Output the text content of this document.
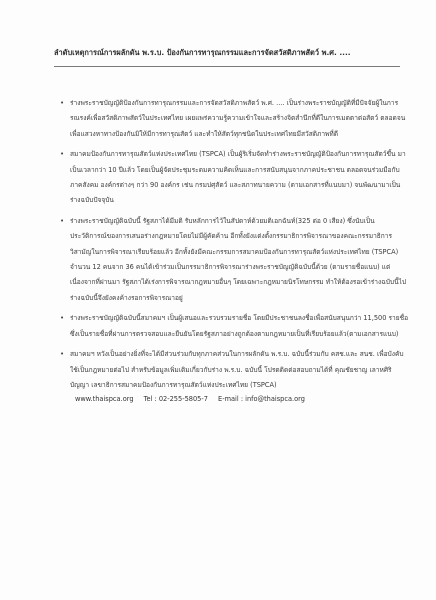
ลำดับเหตุการณ์การผลักดัน พ.ร.บ. ป้องกันการทารุณกรรมและการจัดสวัสดิภาพสัตว์ พ.ศ. ....
• ร่างพระราชบัญญัติป้องกันการทารุณกรรมและการจัดสวัสดิภาพสัตว์ พ.ศ. .... เป็นร่างพระราชบัญญัติที่มีปัจจัยผู้ในการรณรงค์เพื่อสวัสดิภาพสัตว์ในประเทศไทย เผยแพร่ความรู้ความเข้าใจและสร้างจิตสำนึกที่ดีในการเมตตาต่อสัตว์ ตลอดจนเพื่อแสวงหาทางป้องกันมิให้มีการทารุณสัตว์ และทำให้สัตว์ทุกชนิดในประเทศไทยมีสวัสดิภาพที่ดี
• สมาคมป้องกันการทารุณสัตว์แห่งประเทศไทย (TSPCA) เป็นผู้ริเริ่มจัดทำร่างพระราชบัญญัติป้องกันการทารุณสัตว์ขึ้น มาเป็นเวลากว่า 10 ปีแล้ว โดยเป็นผู้จัดประชุมระดมความคิดเห็นและการสนับสนุนจากภาคประชาชน ตลอดจนร่วมมือกับภาคสังคม องค์กรต่างๆ กว่า 90 องค์กร เช่น กรมปศุสัตว์ และสภาทนายความ (ตามเอกสารที่แนบมา) จนพัฒนามาเป็นร่างฉบับปัจจุบัน
• ร่างพระราชบัญญัติฉบับนี้ รัฐสภาได้มีมติ รับหลักการไว้ในสัปดาห์ด้วยมติเอกฉันท์(325 ต่อ 0 เสียง) ซึ่งนับเป็นประวัติการณ์ของการเสนอร่างกฎหมายโดยไม่มีผู้คัดค้าน อีกทั้งยังแต่งตั้งกรรมาธิการพิจารณาของคณะกรรมาธิการวิสามัญในการพิจารณาเรียบร้อยแล้ว อีกทั้งยังมีคณะกรรมการสมาคมป้องกันการทารุณสัตว์แห่งประเทศไทย (TSPCA) จำนวน 12 คนจาก 36 คนได้เข้าร่วมเป็นกรรมาธิการพิจารณาร่างพระราชบัญญัติฉบับนี้ด้วย (ตามรายชื่อแนบ) แต่เนื่องจากที่ผ่านมา รัฐสภาได้เร่งการพิจารณากฎหมายอื่นๆ โดยเฉพาะกฎหมายนิรโทษกรรม ทำให้ต้องรอเข้าร่างฉบับนี้ไป ร่างฉบับนี้จึงยังคงค้างรอการพิจารณาอยู่
• ร่างพระราชบัญญัติฉบับนี้สมาคมฯ เป็นผู้เสนอและรวบรวมรายชื่อ โดยมีประชาชนลงชื่อเพื่อสนับสนุนกว่า 11,500 รายชื่อ ซึ่งเป็นรายชื่อที่ผ่านการตรวจสอบและยืนยันโดยรัฐสภาอย่างถูกต้องตามกฎหมายเป็นที่เรียบร้อยแล้ว(ตามเอกสารแนบ)
• สมาคมฯ หวังเป็นอย่างยิ่งที่จะได้มีส่วนร่วมกับทุกภาคส่วนในการผลักดัน พ.ร.บ. ฉบับนี้ร่วมกับ คสช.และ สนช. เพื่อบังคับใช้เป็นกฎหมายต่อไป สำหรับข้อมูลเพิ่มเติมเกี่ยวกับร่าง พ.ร.บ. ฉบับนี้ โปรดติดต่อสอบถามได้ที่ คุณชัยชาญ เลาหศิริบัญญา เลขาธิการสมาคมป้องกันการทารุณสัตว์แห่งประเทศไทย (TSPCA)
www.thaispca.org Tel : 02-255-5805-7 E-mail : info@thaispca.org
